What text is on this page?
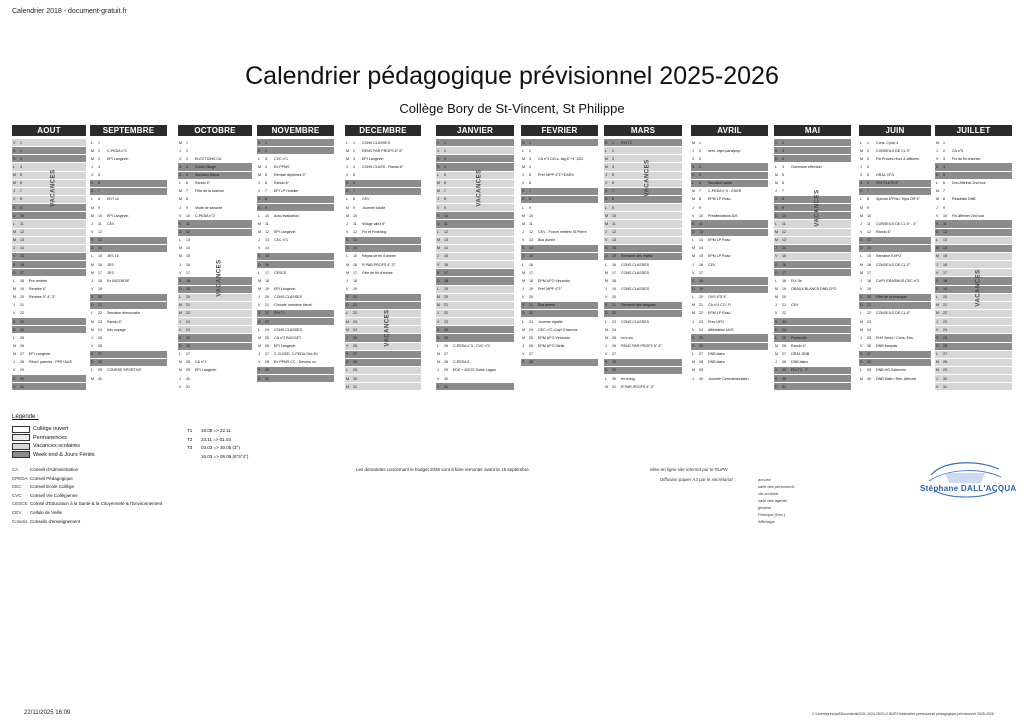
Calendrier 2018 - document-gratuit.fr
Calendrier pédagogique prévisionnel 2025-2026
Collège Bory de St-Vincent, St Philippe
AOUT
V	1
S	2
D	3
L	4
M	5
M	6
J	7
V	8
S	9
D	10
L	11
M	12
M	13
J	14
V	15
S	16
D	17
L	18	Pré-rentrée
M	19	Rentrée 6°
M	20	Rentrée 5°-4°-3°
J	21
V	22
S	23
D	24
L	25
M	26
M	27	EPI Langevin
J	28	Réun° parents - PPE+AUS
V	29
S	30
D	31
VACANCES
SEPTEMBRE
L	1
M	2	C-PEDA n°1
M	3	EPI Langevin
J	4
V	5
S	6
D	7
L	8	EDT v2
M	9
M	10	EPI Langevin
J	11	CEV
V	12
S	13
D	14
L	15	JES 15
M	16	JES
M	17	JES
J	18	Ex INCENDIE
V	19
S	20
D	21
L	22	Semaine démocratie
M	23	Rando 6°
M	24	Info voyage
J	25
V	26
S	27
D	28
L	29	COURSE SPORTIVE
M	30
OCTOBRE
M	1
J	2
V	3	ELECTIONS CA
S	4	Cross Village
D	5	Semaine Bleue
L	6	Rando 6°
M	7	Fête de la science
M	8
J	9	Visite de sécurité
V	10	C-PEDA n°2
S	11
D	12
L	13
M	14
M	15
J	16
V	17
S	18
D	19
L	20
M	21
M	22
J	23
V	24
S	25
D	26
L	27
M	28	CA n°1
M	29	EPI Langevin
J	30
V	31
VACANCES
NOVEMBRE
S	1
D	2
L	3	CVC n°1
M	4	Ex PPMS
M	5	Remise diplômes 3°
J	6	Rando 6°
V	7	EPI LP Hotelier
S	8
D	9
L	10	Auto-évaluation
M	11
M	12	EPI Langevin
J	13	CEC n°1
V	14
S	15
D	16
L	17	CESCE
M	18
M	19	EPI Langevin
J	20	CONS CLASSES
V	21	Chorale 'semaine bleue'
S	22	FIN T1
D	23
L	24	CONS CLASSES
M	25	CA n°2 BUDGET
M	26	EPI Langevin
J	27	C CLEEE- C-PEDA-Sec-Ex
V	28	Ex PPMS CC - Devoirs co
S	29
D	30
DECEMBRE
L	1	CONS CLASSES
M	2	RENC PAR PROFS 6°-5°
M	3	EPI Langevin
J	4	CONS CLASS - Rando 6°
V	5
S	6
D	7
L	8	CEV
M	9	Journée laïcité
M	10
J	11	Village allez 6°
V	12	Fin ef Finishing
S	13
D	14
L	15	Repas de fin d'année
M	16	R PAR-PROFS 4°-3°
M	17	Fête de fin d'année
J	18
V	19
S	20
D	21
L	22
M	23
M	24
J	25
V	26
S	27
D	28
L	29
M	30
M	31
VACANCES
JANVIER
J	1
V	2
S	3
D	4
L	5
M	6
M	7
J	8
V	9
S	10
D	11
L	12
M	13
M	14
J	15
V	16
S	17
D	18
L	19
M	20
M	21
J	22
V	23
S	24
D	25
L	26	C-PEDA n°3 - CVC n°2
M	27
M	28	C-PEDA 5
J	29	EDE + 6GOS Sortie Lagon
V	30
S	31
VACANCES
FEVRIER
D	1
L	2
M	3	CA n°3 DG-s. tag 6°+4°,3G2
M	4
J	5	Préf' MPP 4°3°+EARS
V	6
S	7
D	8
L	9
M	10
M	11
J	12	CEV - Forum métiers St Pierre
V	13	Bus Avenir
S	14
D	15
L	16
M	17
M	18	EPM UFO Vinrando
J	19	Préf' MPP 4°3°
V	20
S	21	Bus avenir
D	22
L	23	Journée égalité
M	24	CEC n°2 -Cop'l Erasmus
M	25	EPM UFO Vinrando
J	26	EPM UFO Stella
V	27
S	28
MARS
D	1	FIN T2
L	2
M	3
M	4
J	5
V	6
S	7
D	8
L	9
M	10
M	11
J	12
V	13
S	14
D	15	Semaine des maths
L	16	CONS CLASSES
M	17	CONS CLASSES
M	18
J	19	CONS CLASSES
V	20
S	21	Semaine des langues
D	22
L	23	CONS CLASSES
M	24
M	25	ex's-vis
J	26	RENC PAR-PROFS 6°-5°
V	27
S	28
D	29
L	30	ex-d'ang
M	31	R PAR-PROFS 4°-3°
VACANCES
AVRIL
M	1
J	2	sem. olym.paralymp.
V	3
S	4
D	5
L	6	Semaine santé
M	7	C-PEDA n°4 - GSER
M	8	EPM LP Rosu
J	9
V	10	PréaffectationUUS
S	11
D	12
L	13	EPM LP Rosu
M	14
M	15	EPM LP Rosu
J	16	CEV
V	17
S	18
D	19
L	20	OVS 6°5°4°
M	21	CA n°4 CO. FI
M	22	EPM LP Rosu
J	23	Prev UFO
V	24	Affectation UUS
S	25
D	26
L	27	DNB blanc
M	28	DNB blanc
M	29
J	30	Journée Commémoration
MAI
V	1
S	2
D	3
L	4	Ouverture effectuel
M	5
M	6
J	7
V	8
S	9
D	10
L	11
M	12
M	13
J	14
V	15
S	16
D	17
L	18	FIX 3e
M	19	ORAUX BLANCS DNB CFG
M	20
J	21	CEV
V	22
S	23
D	24
L	25	Pentecôte
M	26	Rando 6°
M	27	ORAL DNB
J	28	DNB blanc
V	29	FIN T3 - 3°
S	30
D	31
VACANCES
JUIN
L	1	Cons. Cycle 4
M	2	CONSEILS DE CL 3°
M	3	Fin Procès-réun' & affichés
J	4
V	5	ORAL CFG
S	6	FIN T3-6°5°4°
D	7
L	8	Spécial 6°P/al / 'Kips Off' 5°
M	9
M	10
J	11	CONSEILS DE CL 5° - 4°
V	12	Rando 6°
S	13
D	14
L	15	Semaine EXPO
M	16	CONSEILS DE CL 5°
M	17
J	18	CoPY ERASMUS-CEC n°3
V	19
S	20	Fête de la musique
D	21
L	22	CONSEILS DE CL 6°
M	23
M	24
J	25	Préf' Selec / Cons. Ens.
V	26	DNB français
S	27
D	28
L	29	DNB HG-Sciences
M	30	DNB Math / Rés. Affectat
JUILLET
M	1
J	2	CA n°5
V	3	Fin de fin d'année
S	4
D	5
L	6	Dun Affelnet 2nd tour
M	7
M	8	Résultats DNB
J	9
V	10	Fin Affelnet 2nd tour
S	11
D	12
L	13
M	14
M	15
J	16
V	17
S	18
D	19
L	20
M	21
M	22
J	23
V	24
S	25
D	26
L	27
M	28
M	29
J	30
V	31
VACANCES
Légende :
Collège ouvert
Permanences
Vacances scolaires
Week end & Jours Fériés
T1 18.08 => 22.11
T2 23.11 => 01.03
T3 03.03 => 30.05 (3°)
16.03 => 06.06 (6°5°4°)
CA	Conseil d'Administration
CPEDA Conseil Pédagogique
CEC Conseil Ecole Collège
CVC Conseil Vie Collégienne
CESCE Comité d'Education à la Santé & la Citoyenneté & l'Environnement
CEV Cellule de Veille
Conens Conseils d'enseignement
Les demandes concernant le budget 2026 sont à faire remonter avant le 15 septembre.	Mise en ligne site internet par le RUPN
Diffusion papier A3 par le secrétariat :	accueil
salle des personnels
vie-scolaire
salle des agents
gestion
Principal (Doc.)
Affichage
Stéphane DALL'ACQUA
22/11/2025 16:09	C:\Users\principal\Documents\SOL 2024-25\CLG BORY\calendrier-previsionnel pédagogique prévisionnel 2025-2026
